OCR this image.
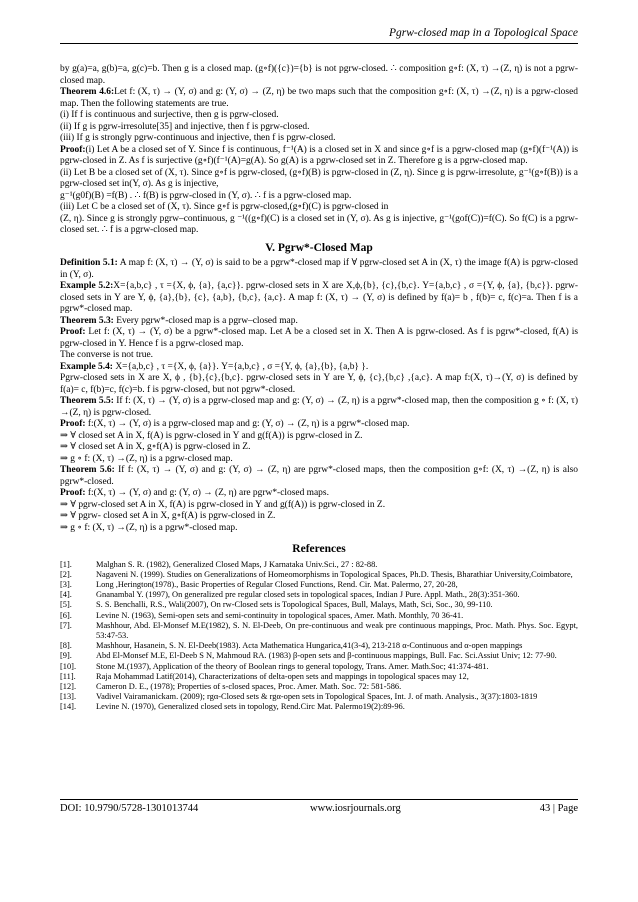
Pgrw-closed map in a Topological Space

by g(a)=a, g(b)=a, g(c)=b. Then g is a closed map. (g∘f)({c})={b} is not pgrw-closed. ∴ composition g∘f: (X, τ) →(Z, η) is not a pgrw-closed map.

Theorem 4.6:Let f: (X, τ) → (Y, σ) and g: (Y, σ) → (Z, η) be two maps such that the composition g∘f: (X, τ) →(Z, η) is a pgrw-closed map. Then the following statements are true.

(i) If f is continuous and surjective, then g is pgrw-closed.

(ii) If g is pgrw-irresolute[35] and injective, then f is pgrw-closed.

(iii) If g is strongly pgrw-continuous and injective, then f is pgrw-closed.

Proof:(i) Let A be a closed set of Y. Since f is continuous, f⁻¹(A) is a closed set in X and since g∘f is a pgrw-closed map (g∘f)(f⁻¹(A)) is pgrw-closed in Z. As f is surjective (g∘f)(f⁻¹(A)=g(A). So g(A) is a pgrw-closed set in Z. Therefore g is a pgrw-closed map.

(ii) Let B be a closed set of (X, τ). Since g∘f is pgrw-closed, (g∘f)(B) is pgrw-closed in (Z, η). Since g is pgrw-irresolute, g⁻¹(g∘f(B)) is a pgrw-closed set in(Y, σ). As g is injective,

g⁻¹(g0f)(B) =f(B) . ∴ f(B) is pgrw-closed in (Y, σ). ∴ f is a pgrw-closed map.

(iii) Let C be a closed set of (X, τ). Since g∘f is pgrw-closed,(g∘f)(C) is pgrw-closed in

(Z, η). Since g is strongly pgrw–continuous, g ⁻¹((g∘f)(C) is a closed set in (Y, σ). As g is injective, g⁻¹(gof(C))=f(C). So f(C) is a pgrw-closed set. ∴ f is a pgrw-closed map.

V. Pgrw*-Closed Map

Definition 5.1: A map f: (X, τ) → (Y, σ) is said to be a pgrw*-closed map if ∀ pgrw-closed set A in (X, τ) the image f(A) is pgrw-closed in (Y, σ).

Example 5.2:X={a,b,c} , τ ={X, ϕ, {a}, {a,c}}. pgrw-closed sets in X are X,ϕ,{b}, {c},{b,c}. Y={a,b,c} , σ ={Y, ϕ, {a}, {b,c}}. pgrw-closed sets in Y are Y, ϕ, {a},{b}, {c}, {a,b}, {b,c}, {a,c}. A map f: (X, τ) → (Y, σ) is defined by f(a)= b , f(b)= c, f(c)=a. Then f is a pgrw*-closed map.

Theorem 5.3: Every pgrw*-closed map is a pgrw–closed map.

Proof: Let f: (X, τ) → (Y, σ) be a pgrw*-closed map. Let A be a closed set in X. Then A is pgrw-closed. As f is pgrw*-closed, f(A) is pgrw-closed in Y. Hence f is a pgrw-closed map.

The converse is not true.

Example 5.4: X={a,b,c} , τ ={X, ϕ, {a}}. Y={a,b,c} , σ ={Y, ϕ, {a},{b}, {a,b} }.

Pgrw-closed sets in X are X, ϕ , {b},{c},{b,c}. pgrw-closed sets in Y are Y, ϕ, {c},{b,c} ,{a,c}. A map f:(X, τ)→(Y, σ) is defined by f(a)= c, f(b)=c, f(c)=b. f is pgrw-closed, but not pgrw*-closed.

Theorem 5.5: If f: (X, τ) → (Y, σ) is a pgrw-closed map and g: (Y, σ) → (Z, η) is a pgrw*-closed map, then the composition g ∘ f: (X, τ) →(Z, η) is pgrw-closed.

Proof: f:(X, τ) → (Y, σ) is a pgrw-closed map and g: (Y, σ) → (Z, η) is a pgrw*-closed map.

⇒ ∀ closed set A in X, f(A) is pgrw-closed in Y and g(f(A)) is pgrw-closed in Z.

⇒ ∀ closed set A in X, g∘f(A) is pgrw-closed in Z.

⇒ g ∘ f: (X, τ) →(Z, η) is a pgrw-closed map.

Theorem 5.6: If f: (X, τ) → (Y, σ) and g: (Y, σ) → (Z, η) are pgrw*-closed maps, then the composition g∘f: (X, τ) →(Z, η) is also pgrw*-closed.

Proof: f:(X, τ) → (Y, σ) and g: (Y, σ) → (Z, η) are pgrw*-closed maps.

⇒ ∀ pgrw-closed set A in X, f(A) is pgrw-closed in Y and g(f(A)) is pgrw-closed in Z.

⇒ ∀ pgrw- closed set A in X, g∘f(A) is pgrw-closed in Z.

⇒ g ∘ f: (X, τ) →(Z, η) is a pgrw*-closed map.

References
[1].	Malghan S. R. (1982), Generalized Closed Maps, J Karnataka Univ.Sci., 27 : 82-88.
[2].	Nagaveni N. (1999). Studies on Generalizations of Homeomorphisms in Topological Spaces, Ph.D. Thesis, Bharathiar University,Coimbatore,
[3].	Long ,Herington(1978)., Basic Properties of Regular Closed Functions, Rend. Cir. Mat. Palermo, 27, 20-28,
[4].	Gnanambal Y. (1997), On generalized pre regular closed sets in topological spaces, Indian J Pure. Appl. Math., 28(3):351-360.
[5].	S. S. Benchalli, R.S., Wali(2007), On rw-Closed sets is Topological Spaces, Bull, Malays, Math, Sci, Soc., 30, 99-110.
[6].	Levine N. (1963), Semi-open sets and semi-continuity in topological spaces, Amer. Math. Monthly, 70 36-41.
[7].	Mashhour, Abd. El-Monsef M.E(1982), S. N. El-Deeb, On pre-continuous and weak pre continuous mappings, Proc. Math. Phys. Soc. Egypt, 53:47-53.
[8].	Mashhour, Hasanein, S. N. El-Deeb(1983). Acta Mathematica Hungarica,41(3-4), 213-218 α-Continuous and α-open mappings
[9].	Abd El-Monsef M.E, El-Deeb S N, Mahmoud RA. (1983) β-open sets and β-continuous mappings, Bull. Fac. Sci.Assiut Univ; 12: 77-90.
[10].	Stone M.(1937), Application of the theory of Boolean rings to general topology, Trans. Amer. Math.Soc; 41:374-481.
[11].	Raja Mohammad Latif(2014), Characterizations of delta-open sets and mappings in topological spaces may 12,
[12].	Cameron D. E., (1978); Properties of s-closed spaces, Proc. Amer. Math. Soc. 72: 581-586.
[13].	Vadivel Vairamanickam. (2009); rgα-Closed sets & rgα-open sets in Topological Spaces, Int. J. of math. Analysis., 3(37):1803-1819
[14].	Levine N. (1970), Generalized closed sets in topology, Rend.Circ Mat. Palermo19(2):89-96.
DOI: 10.9790/5728-1301013744	www.iosrjournals.org	43 | Page
